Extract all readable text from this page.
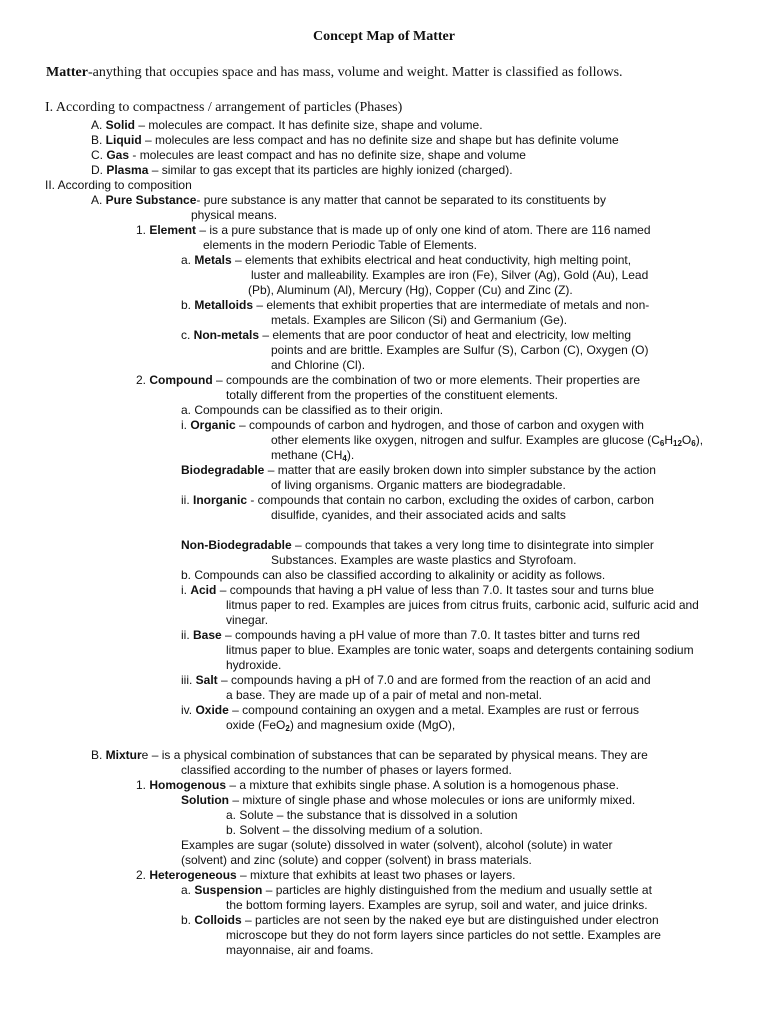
Concept Map of Matter
Matter-anything that occupies space and has mass, volume and weight. Matter is classified as follows.
I. According to compactness / arrangement of particles (Phases)
A. Solid – molecules are compact. It has definite size, shape and volume.
B. Liquid – molecules are less compact and has no definite size and shape but has definite volume
C. Gas - molecules are least compact and has no definite size, shape and volume
D. Plasma – similar to gas except that its particles are highly ionized (charged).
II. According to composition
A. Pure Substance- pure substance is any matter that cannot be separated to its constituents by
physical means.
1. Element – is a pure substance that is made up of only one kind of atom. There are 116 named
elements in the modern Periodic Table of Elements.
a. Metals – elements that exhibits electrical and heat conductivity, high melting point,
luster and malleability. Examples are iron (Fe), Silver (Ag), Gold (Au), Lead
(Pb), Aluminum (Al), Mercury (Hg), Copper (Cu) and Zinc (Z).
b. Metalloids – elements that exhibit properties that are intermediate of metals and non-
metals. Examples are Silicon (Si) and Germanium (Ge).
c. Non-metals – elements that are poor conductor of heat and electricity, low melting
points and are brittle. Examples are Sulfur (S), Carbon (C), Oxygen (O)
and Chlorine (Cl).
2. Compound – compounds are the combination of two or more elements. Their properties are
totally different from the properties of the constituent elements.
a. Compounds can be classified as to their origin.
i. Organic – compounds of carbon and hydrogen, and those of carbon and oxygen with
other elements like oxygen, nitrogen and sulfur. Examples are glucose $(C_6H_{12}O_6)$,
methane $(CH_4)$.
Biodegradable – matter that are easily broken down into simpler substance by the action
of living organisms. Organic matters are biodegradable.
ii. Inorganic - compounds that contain no carbon, excluding the oxides of carbon, carbon
disulfide, cyanides, and their associated acids and salts
Non-Biodegradable – compounds that takes a very long time to disintegrate into simpler
Substances. Examples are waste plastics and Styrofoam.
b. Compounds can also be classified according to alkalinity or acidity as follows.
i. Acid – compounds that having a pH value of less than 7.0. It tastes sour and turns blue
litmus paper to red. Examples are juices from citrus fruits, carbonic acid, sulfuric acid and
vinegar.
ii. Base – compounds having a pH value of more than 7.0. It tastes bitter and turns red
litmus paper to blue. Examples are tonic water, soaps and detergents containing sodium
hydroxide.
iii. Salt – compounds having a pH of 7.0 and are formed from the reaction of an acid and
a base. They are made up of a pair of metal and non-metal.
iv. Oxide – compound containing an oxygen and a metal. Examples are rust or ferrous
oxide (FeO$_2$) and magnesium oxide (MgO),
B. Mixture – is a physical combination of substances that can be separated by physical means. They are
classified according to the number of phases or layers formed.
1. Homogenous – a mixture that exhibits single phase. A solution is a homogenous phase.
Solution – mixture of single phase and whose molecules or ions are uniformly mixed.
a. Solute – the substance that is dissolved in a solution
b. Solvent – the dissolving medium of a solution.
Examples are sugar (solute) dissolved in water (solvent), alcohol (solute) in water
(solvent) and zinc (solute) and copper (solvent) in brass materials.
2. Heterogeneous – mixture that exhibits at least two phases or layers.
a. Suspension – particles are highly distinguished from the medium and usually settle at
the bottom forming layers. Examples are syrup, soil and water, and juice drinks.
b. Colloids – particles are not seen by the naked eye but are distinguished under electron
microscope but they do not form layers since particles do not settle. Examples are
mayonnaise, air and foams.
